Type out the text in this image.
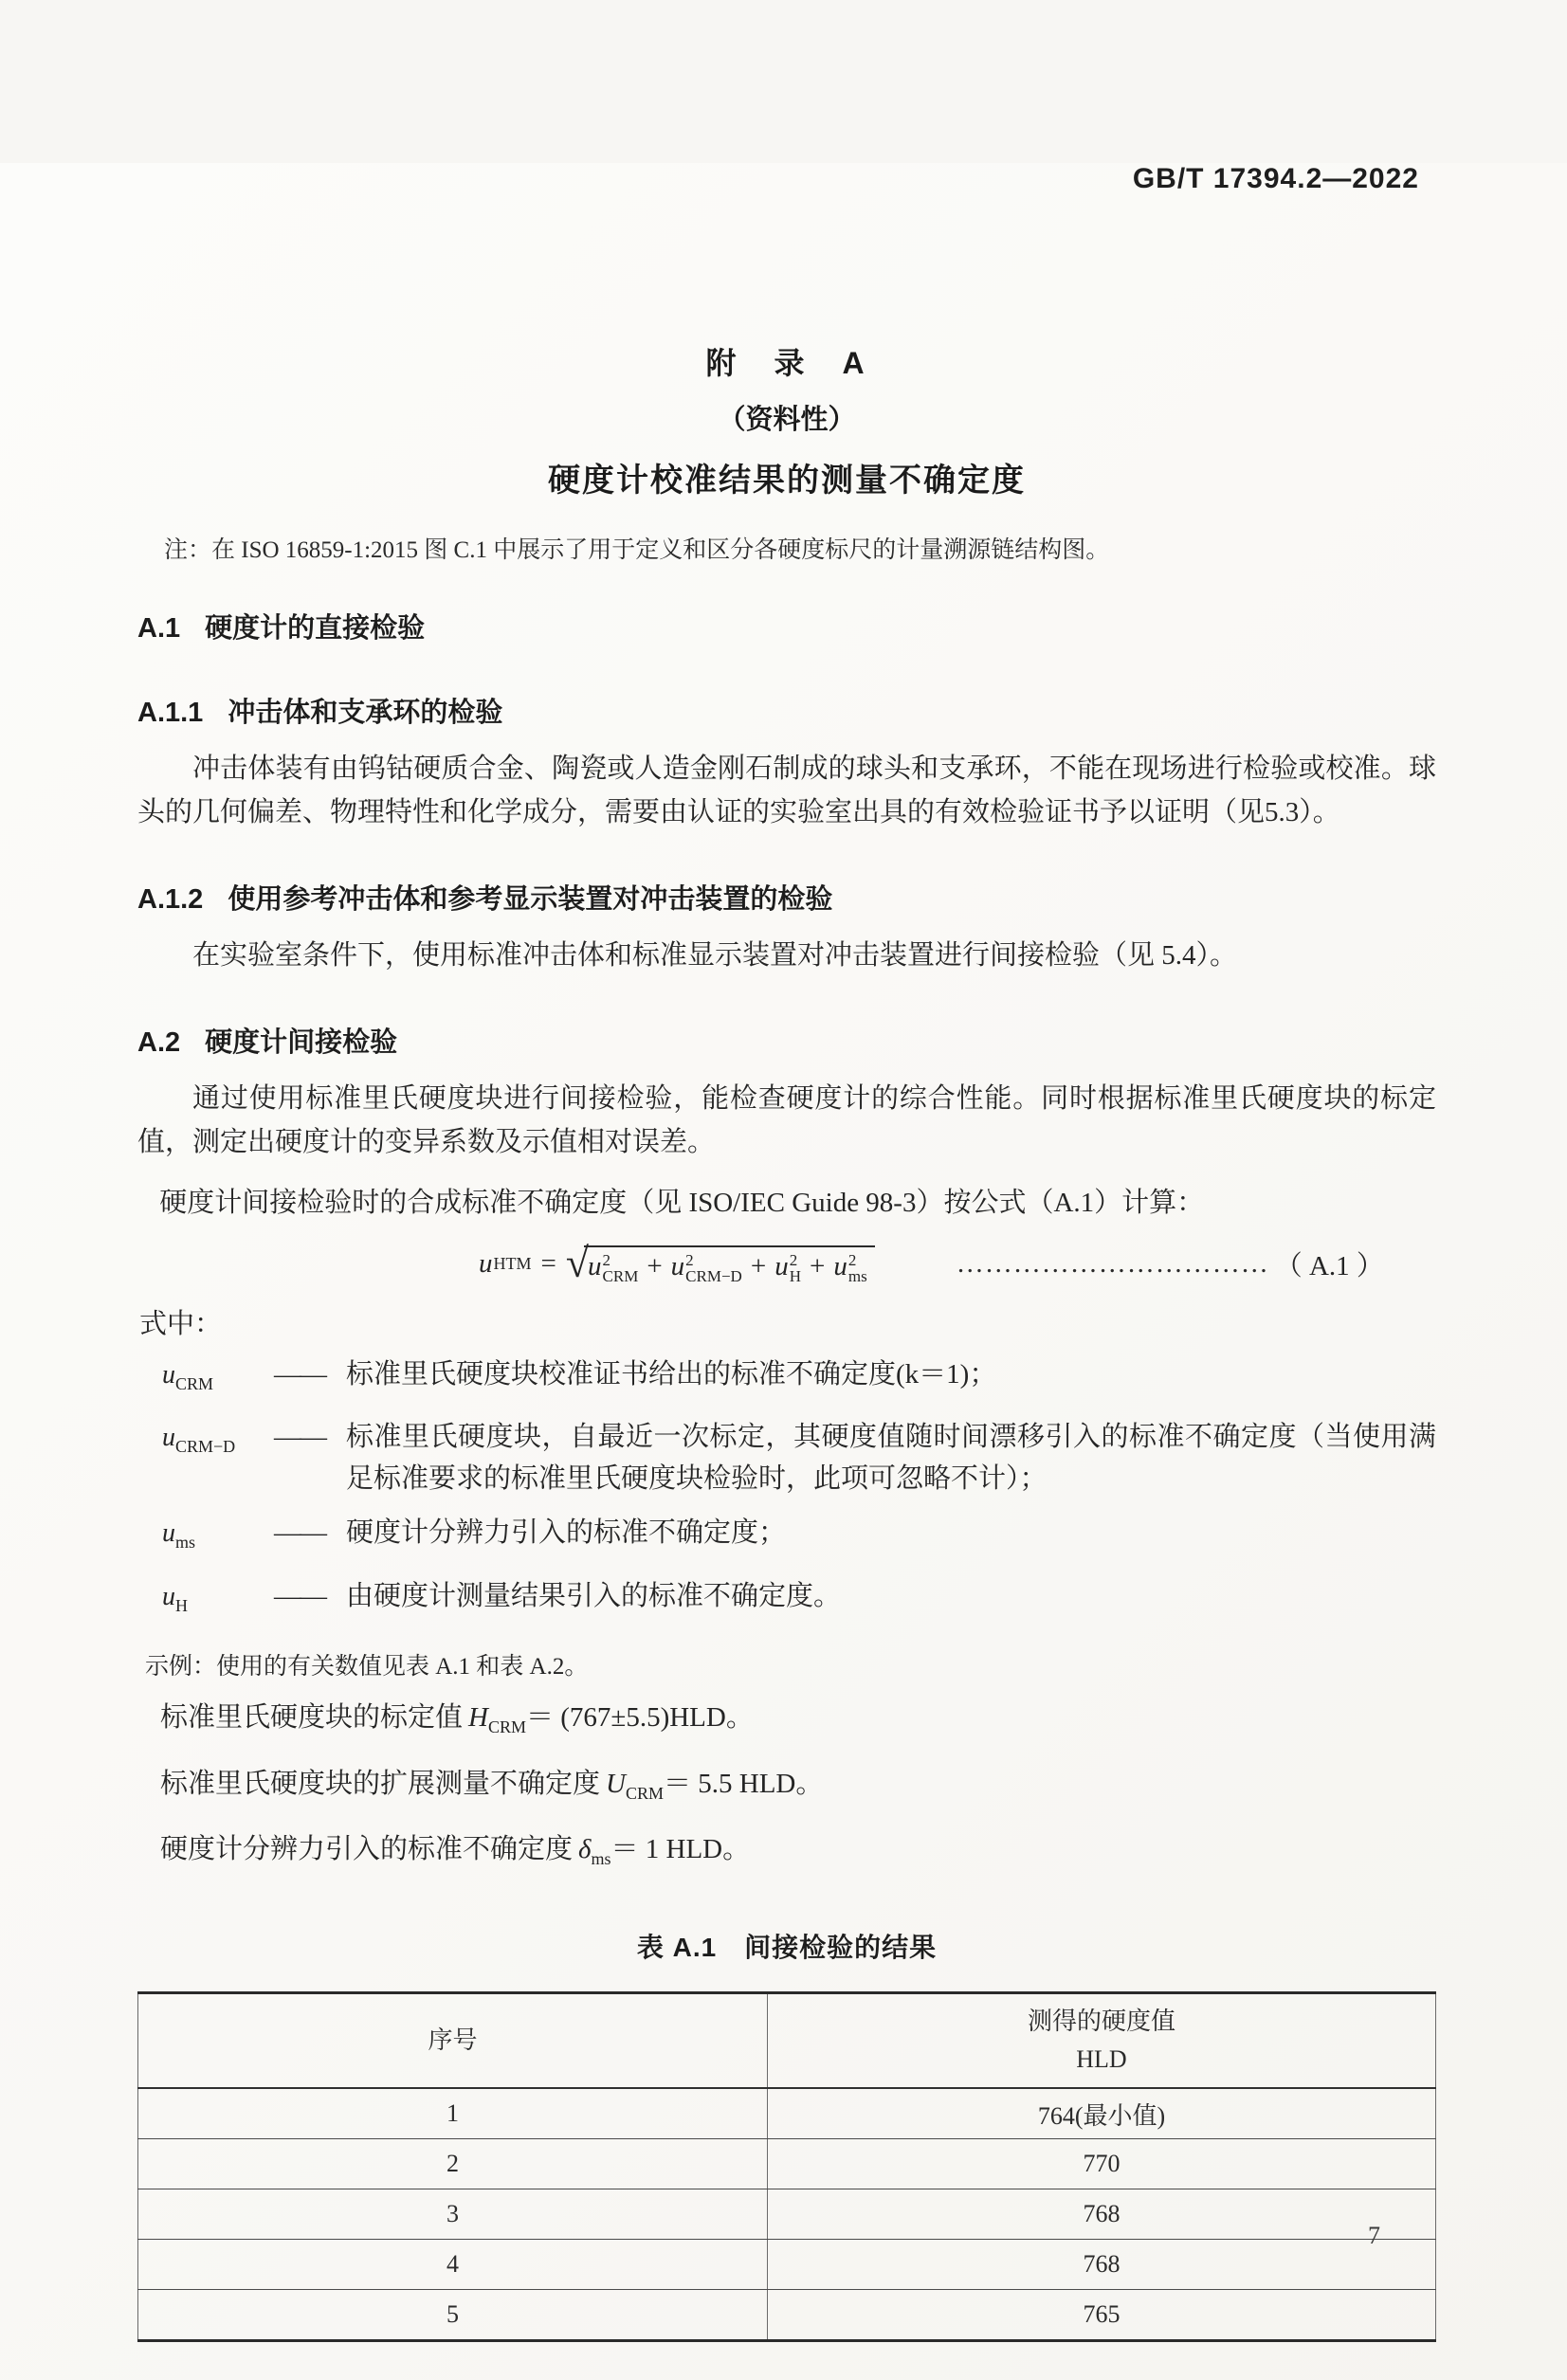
GB/T 17394.2—2022
附　录　A
（资料性）
硬度计校准结果的测量不确定度

注：在 ISO 16859-1:2015 图 C.1 中展示了用于定义和区分各硬度标尺的计量溯源链结构图。

A.1 硬度计的直接检验
A.1.1 冲击体和支承环的检验

冲击体装有由钨钴硬质合金、陶瓷或人造金刚石制成的球头和支承环，不能在现场进行检验或校准。球头的几何偏差、物理特性和化学成分，需要由认证的实验室出具的有效检验证书予以证明（见5.3）。

A.1.2 使用参考冲击体和参考显示装置对冲击装置的检验

在实验室条件下，使用标准冲击体和标准显示装置对冲击装置进行间接检验（见 5.4）。

A.2 硬度计间接检验

通过使用标准里氏硬度块进行间接检验，能检查硬度计的综合性能。同时根据标准里氏硬度块的标定值，测定出硬度计的变异系数及示值相对误差。

硬度计间接检验时的合成标准不确定度（见 ISO/IEC Guide 98-3）按公式（A.1）计算：

u HTM = √ u 2
CRM + u 2
CRM−D + u 2
H + u 2
ms	…………………………… （ A.1 ）
式中：
$u_{CRM}$	—— 标准里氏硬度块校准证书给出的标准不确定度(k＝1)；
$u_{CRM-D}$	—— 标准里氏硬度块，自最近一次标定，其硬度值随时间漂移引入的标准不确定度（当使用满足标准要求的标准里氏硬度块检验时，此项可忽略不计）；
$u_{ms}$	—— 硬度计分辨力引入的标准不确定度；
$u_H$	—— 由硬度计测量结果引入的标准不确定度。

示例：使用的有关数值见表 A.1 和表 A.2。

标准里氏硬度块的标定值 $H_{CRM}= (767\pm 5.5)HLD$。

标准里氏硬度块的扩展测量不确定度 $U_{CRM}= 5.5$ HLD。

硬度计分辨力引入的标准不确定度 $\delta_{ms}= 1$ HLD。

表 A.1　间接检验的结果
序号	测得的硬度值
HLD

1	764(最小值)
2	770
3	768
4	768
5	765
7
